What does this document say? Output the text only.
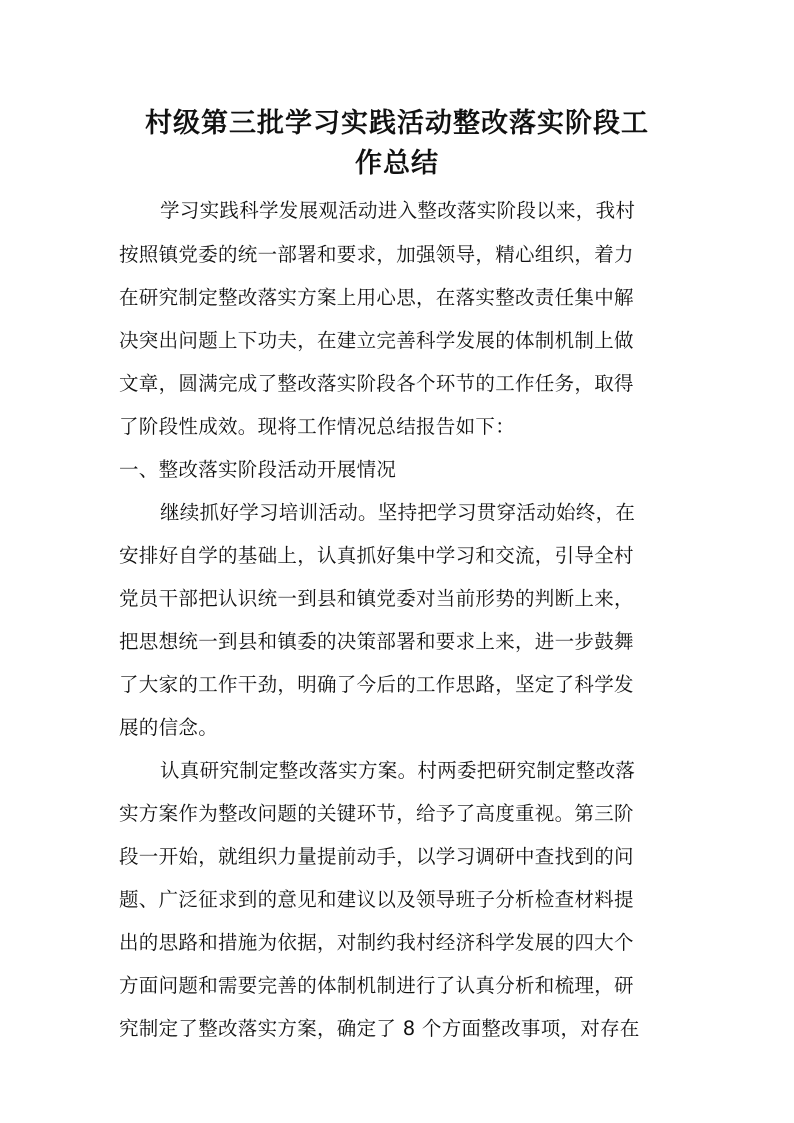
村级第三批学习实践活动整改落实阶段工
作总结

学习实践科学发展观活动进入整改落实阶段以来，我村

按照镇党委的统一部署和要求，加强领导，精心组织，着力

在研究制定整改落实方案上用心思，在落实整改责任集中解

决突出问题上下功夫，在建立完善科学发展的体制机制上做

文章，圆满完成了整改落实阶段各个环节的工作任务，取得

了阶段性成效。现将工作情况总结报告如下：

一、整改落实阶段活动开展情况

继续抓好学习培训活动。坚持把学习贯穿活动始终，在

安排好自学的基础上，认真抓好集中学习和交流，引导全村

党员干部把认识统一到县和镇党委对当前形势的判断上来，

把思想统一到县和镇委的决策部署和要求上来，进一步鼓舞

了大家的工作干劲，明确了今后的工作思路，坚定了科学发

展的信念。

认真研究制定整改落实方案。村两委把研究制定整改落

实方案作为整改问题的关键环节，给予了高度重视。第三阶

段一开始，就组织力量提前动手，以学习调研中查找到的问

题、广泛征求到的意见和建议以及领导班子分析检查材料提

出的思路和措施为依据，对制约我村经济科学发展的四大个

方面问题和需要完善的体制机制进行了认真分析和梳理，研

究制定了整改落实方案，确定了 8 个方面整改事项，对存在
